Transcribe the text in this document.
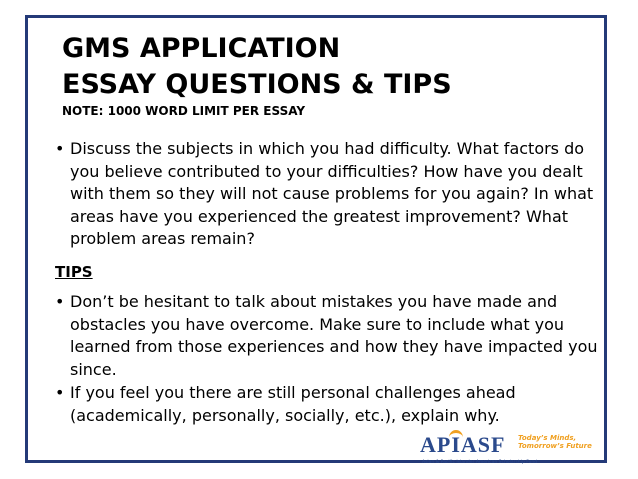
GMS APPLICATION
ESSAY QUESTIONS & TIPS
NOTE: 1000 WORD LIMIT PER ESSAY
• Discuss the subjects in which you had difficulty. What factors do you believe contributed to your difficulties? How have you dealt with them so they will not cause problems for you again? In what areas have you experienced the greatest improvement? What problem areas remain?
TIPS
• Don’t be hesitant to talk about mistakes you have made and obstacles you have overcome. Make sure to include what you learned from those experiences and how they have impacted you since.
• If you feel you there are still personal challenges ahead (academically, personally, socially, etc.), explain why.
APIASF Today’s Minds,
Tomorrow’s Future
Asian & Pacific Islander American Scholarship Fund
